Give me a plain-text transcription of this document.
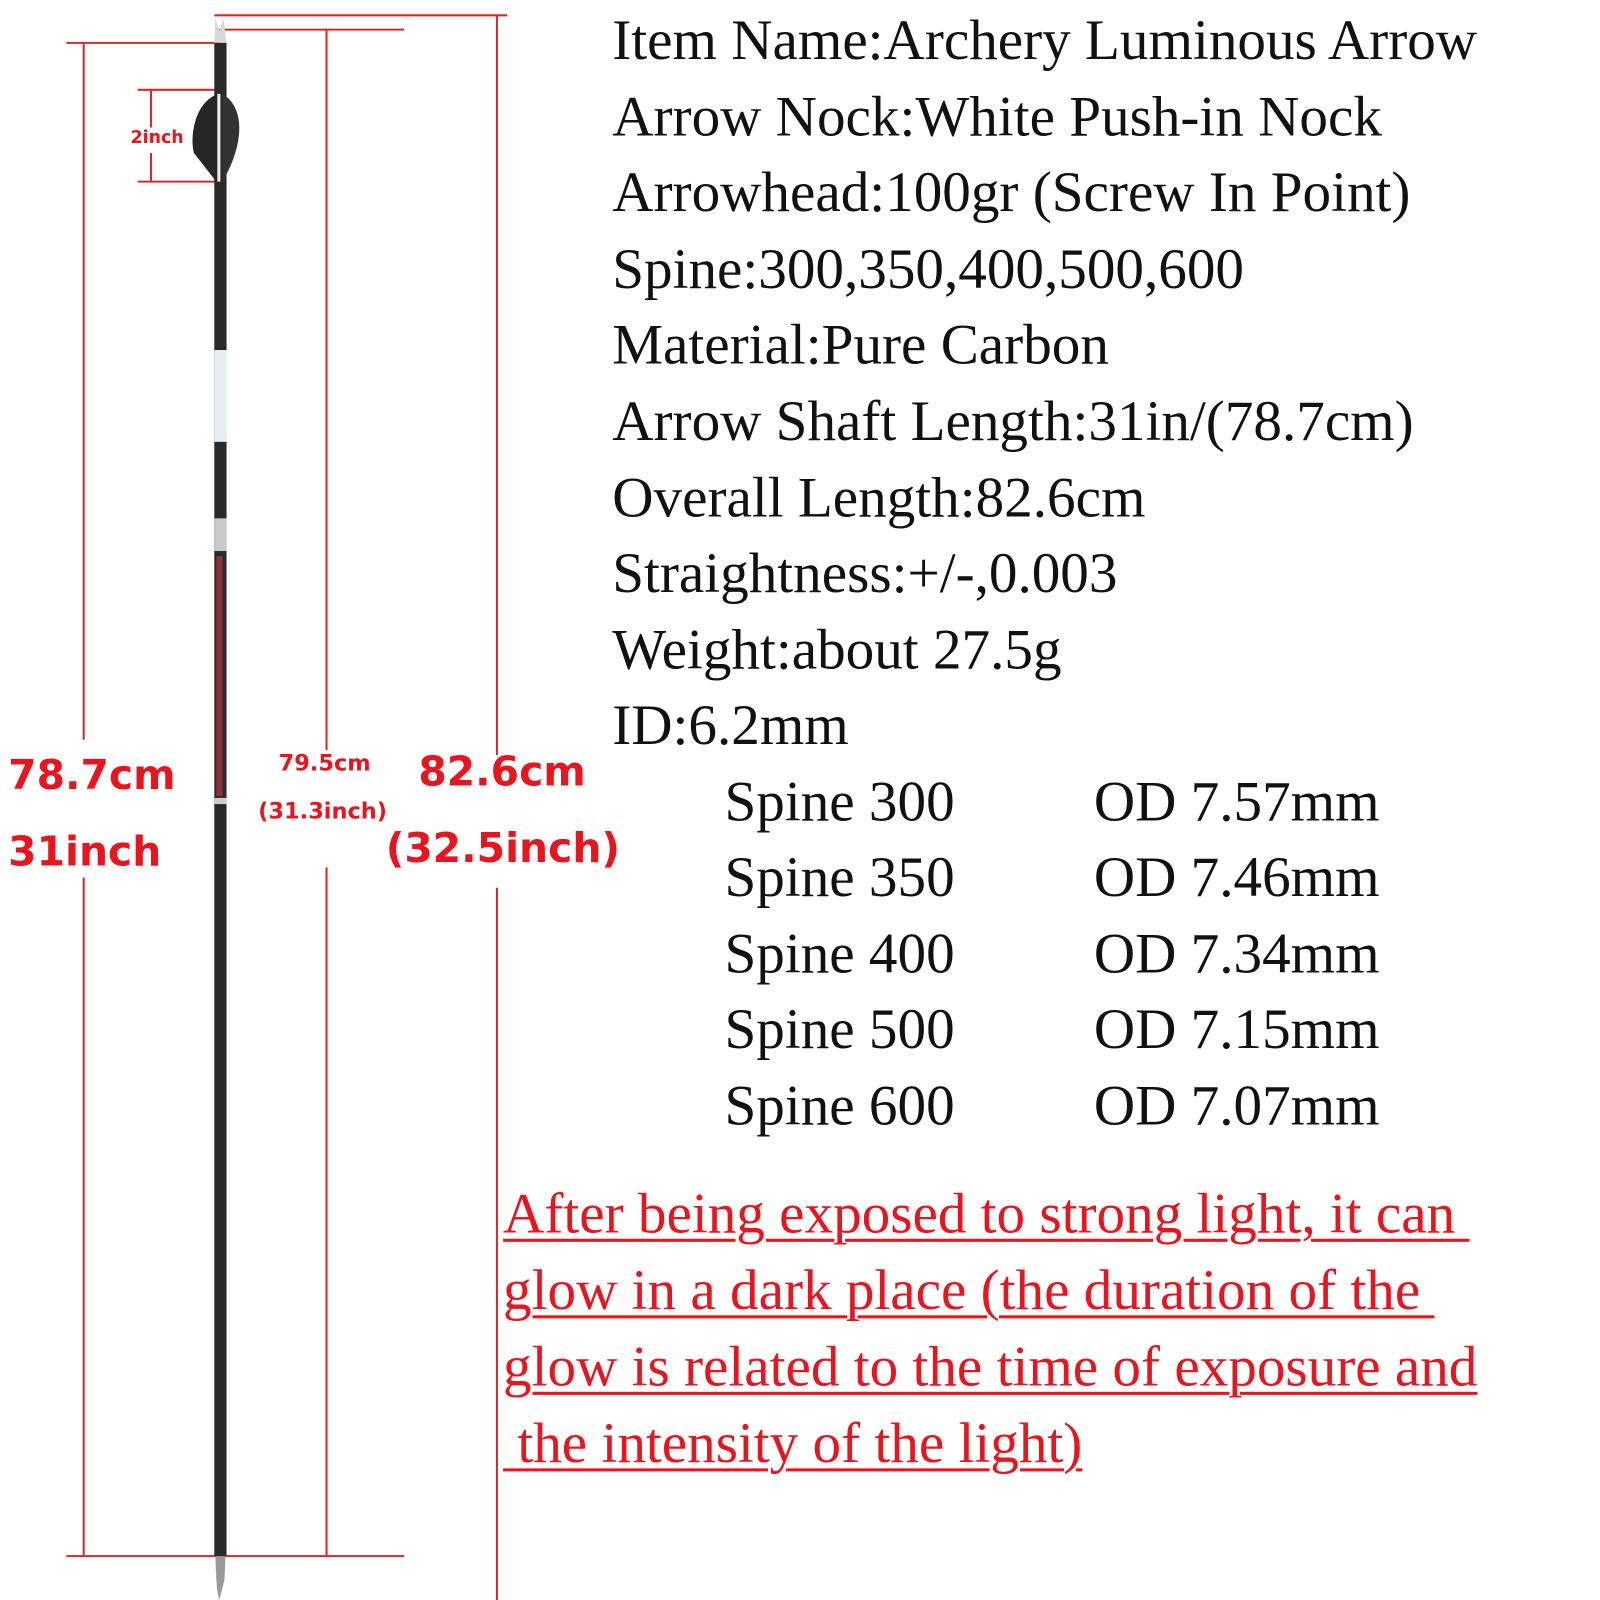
2inch
78.7cm
31inch
79.5cm
(31.3inch)
82.6cm
(32.5inch)
Item Name:Archery Luminous Arrow
Arrow Nock:White Push-in Nock
Arrowhead:100gr (Screw In Point)
Spine:300,350,400,500,600
Material:Pure Carbon
Arrow Shaft Length:31in/(78.7cm)
Overall Length:82.6cm
Straightness:+/-,0.003
Weight:about 27.5g
ID:6.2mm
Spine 300 OD 7.57mm
Spine 350 OD 7.46mm
Spine 400 OD 7.34mm
Spine 500 OD 7.15mm
Spine 600 OD 7.07mm
After being exposed to strong light, it can
glow in a dark place (the duration of the
glow is related to the time of exposure and
the intensity of the light)
